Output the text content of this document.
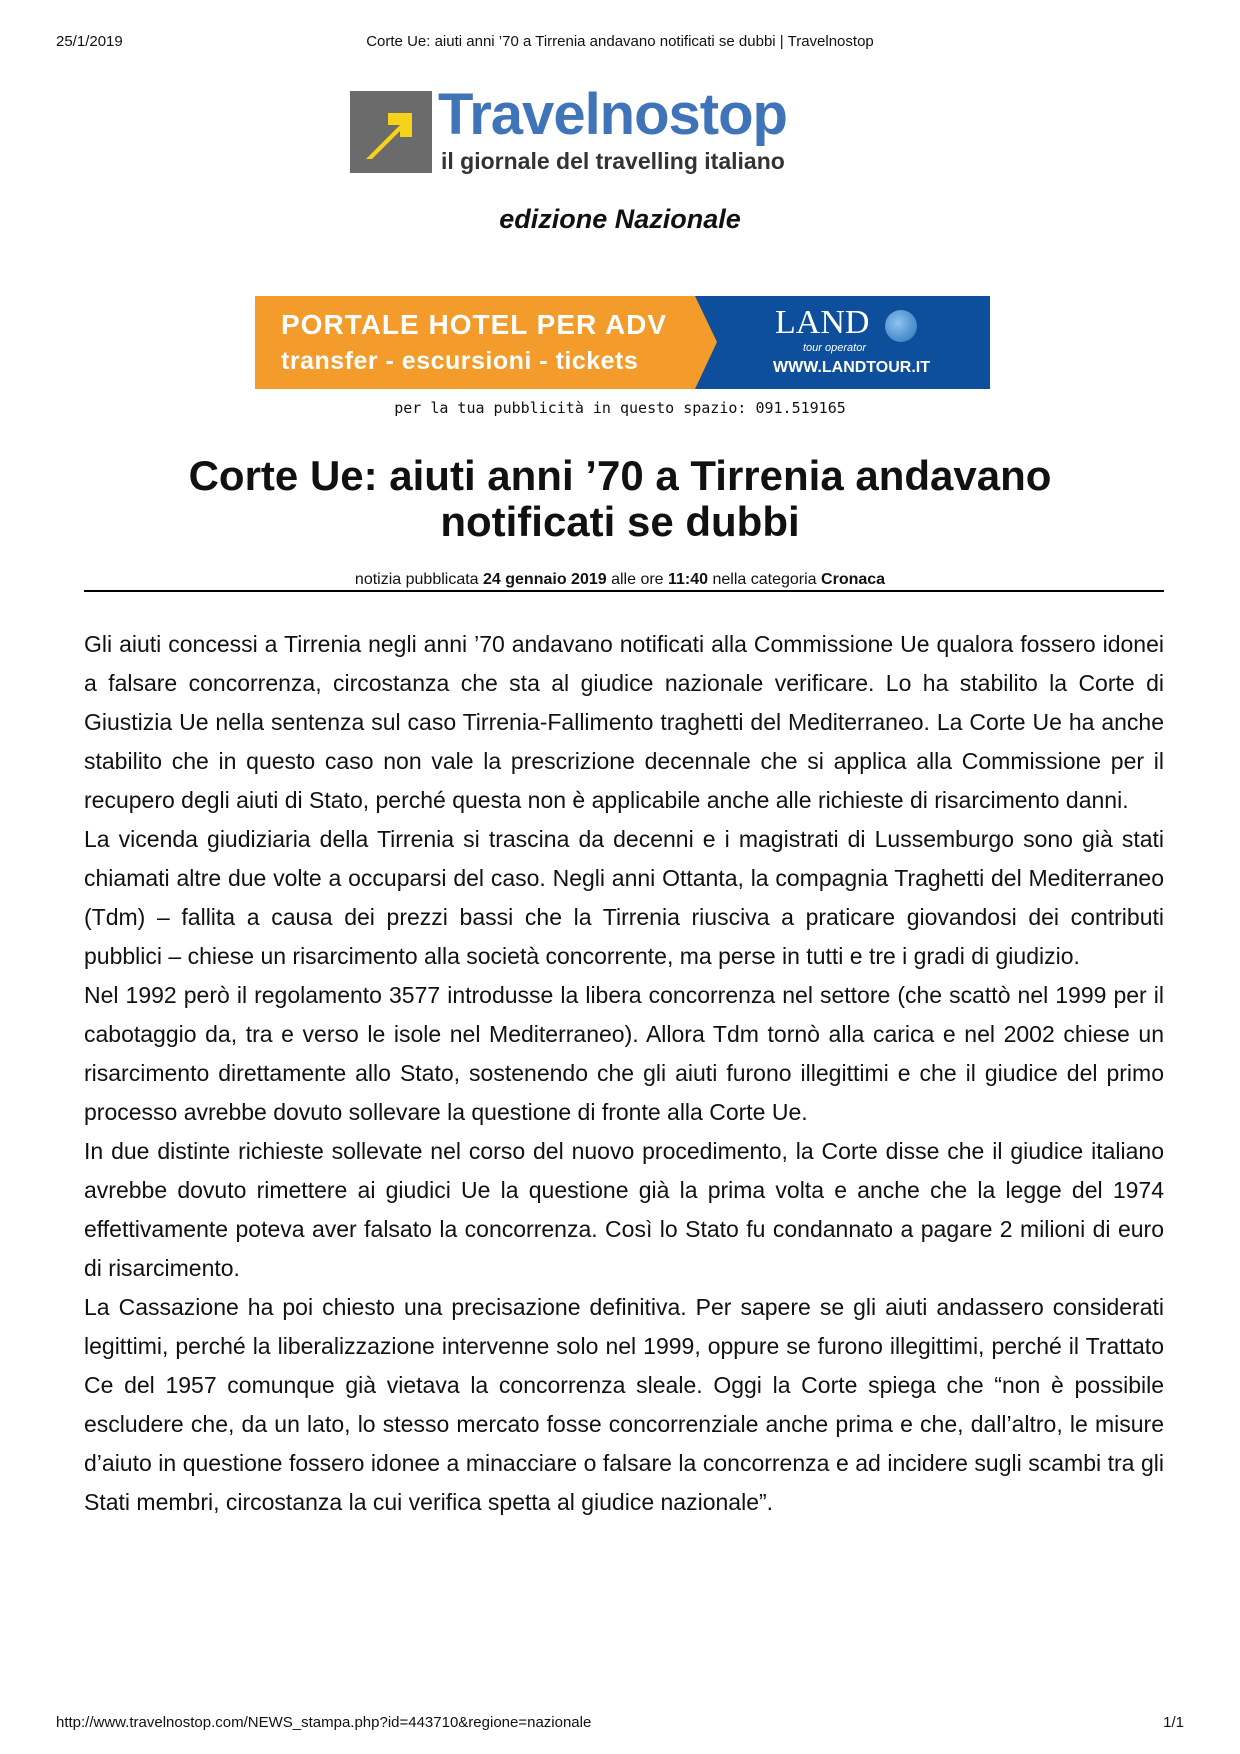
25/1/2019	Corte Ue: aiuti anni ’70 a Tirrenia andavano notificati se dubbi | Travelnostop
Travelnostop
il giornale del travelling italiano
edizione Nazionale
PORTALE HOTEL PER ADV
transfer - escursioni - tickets
LAND
tour operator
WWW.LANDTOUR.IT
per la tua pubblicità in questo spazio: 091.519165
Corte Ue: aiuti anni ’70 a Tirrenia andavano notificati se dubbi
notizia pubblicata 24 gennaio 2019 alle ore 11:40 nella categoria Cronaca

Gli aiuti concessi a Tirrenia negli anni ’70 andavano notificati alla Commissione Ue qualora fossero idonei a falsare concorrenza, circostanza che sta al giudice nazionale verificare. Lo ha stabilito la Corte di Giustizia Ue nella sentenza sul caso Tirrenia-Fallimento traghetti del Mediterraneo. La Corte Ue ha anche stabilito che in questo caso non vale la prescrizione decennale che si applica alla Commissione per il recupero degli aiuti di Stato, perché questa non è applicabile anche alle richieste di risarcimento danni.

La vicenda giudiziaria della Tirrenia si trascina da decenni e i magistrati di Lussemburgo sono già stati chiamati altre due volte a occuparsi del caso. Negli anni Ottanta, la compagnia Traghetti del Mediterraneo (Tdm) – fallita a causa dei prezzi bassi che la Tirrenia riusciva a praticare giovandosi dei contributi pubblici – chiese un risarcimento alla società concorrente, ma perse in tutti e tre i gradi di giudizio.

Nel 1992 però il regolamento 3577 introdusse la libera concorrenza nel settore (che scattò nel 1999 per il cabotaggio da, tra e verso le isole nel Mediterraneo). Allora Tdm tornò alla carica e nel 2002 chiese un risarcimento direttamente allo Stato, sostenendo che gli aiuti furono illegittimi e che il giudice del primo processo avrebbe dovuto sollevare la questione di fronte alla Corte Ue.

In due distinte richieste sollevate nel corso del nuovo procedimento, la Corte disse che il giudice italiano avrebbe dovuto rimettere ai giudici Ue la questione già la prima volta e anche che la legge del 1974 effettivamente poteva aver falsato la concorrenza. Così lo Stato fu condannato a pagare 2 milioni di euro di risarcimento.

La Cassazione ha poi chiesto una precisazione definitiva. Per sapere se gli aiuti andassero considerati legittimi, perché la liberalizzazione intervenne solo nel 1999, oppure se furono illegittimi, perché il Trattato Ce del 1957 comunque già vietava la concorrenza sleale. Oggi la Corte spiega che “non è possibile escludere che, da un lato, lo stesso mercato fosse concorrenziale anche prima e che, dall’altro, le misure d’aiuto in questione fossero idonee a minacciare o falsare la concorrenza e ad incidere sugli scambi tra gli Stati membri, circostanza la cui verifica spetta al giudice nazionale”.

http://www.travelnostop.com/NEWS_stampa.php?id=443710&regione=nazionale	1/1
